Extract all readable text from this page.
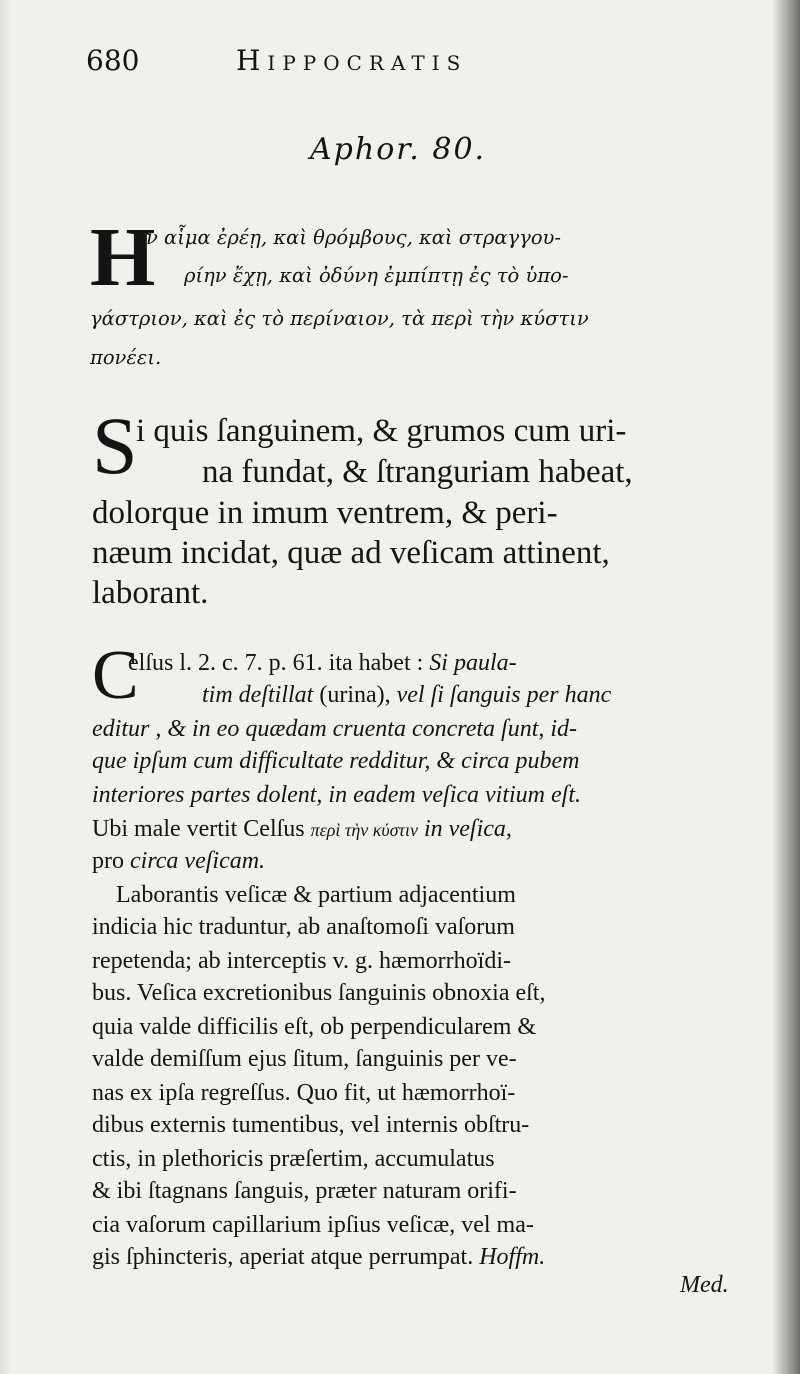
680	Hippocratis
Aphor. 80.
H
ν αἷμα ἐρέῃ, καὶ θρόμβους, καὶ στραγγου-
ρίην ἔχῃ, καὶ ὀδύνη ἐμπίπτῃ ἐς τὸ ὑπο-
γάστριον, καὶ ἐς τὸ περίναιον, τὰ περὶ τὴν κύστιν
πονέει.
S
i quis ſanguinem, & grumos cum uri-
na fundat, & ſtranguriam habeat,
dolorque in imum ventrem, & peri-
næum incidat, quæ ad veſicam attinent,
laborant.
C
elſus l. 2. c. 7. p. 61. ita habet : Si paula-
tim deſtillat (urina), vel ſi ſanguis per hanc
editur , & in eo quædam cruenta concreta ſunt, id-
que ipſum cum difficultate redditur, & circa pubem
interiores partes dolent, in eadem veſica vitium eſt.
Ubi male vertit Celſus περὶ τὴν κύστιν in veſica,
pro circa veſicam.
Laborantis veſicæ & partium adjacentium
indicia hic traduntur, ab anaſtomoſi vaſorum
repetenda; ab interceptis v. g. hæmorrhoïdi-
bus. Veſica excretionibus ſanguinis obnoxia eſt,
quia valde difficilis eſt, ob perpendicularem &
valde demiſſum ejus ſitum, ſanguinis per ve-
nas ex ipſa regreſſus. Quo fit, ut hæmorrhoï-
dibus externis tumentibus, vel internis obſtru-
ctis, in plethoricis præſertim, accumulatus
& ibi ſtagnans ſanguis, præter naturam orifi-
cia vaſorum capillarium ipſius veſicæ, vel ma-
gis ſphincteris, aperiat atque perrumpat. Hoffm.
Med.
